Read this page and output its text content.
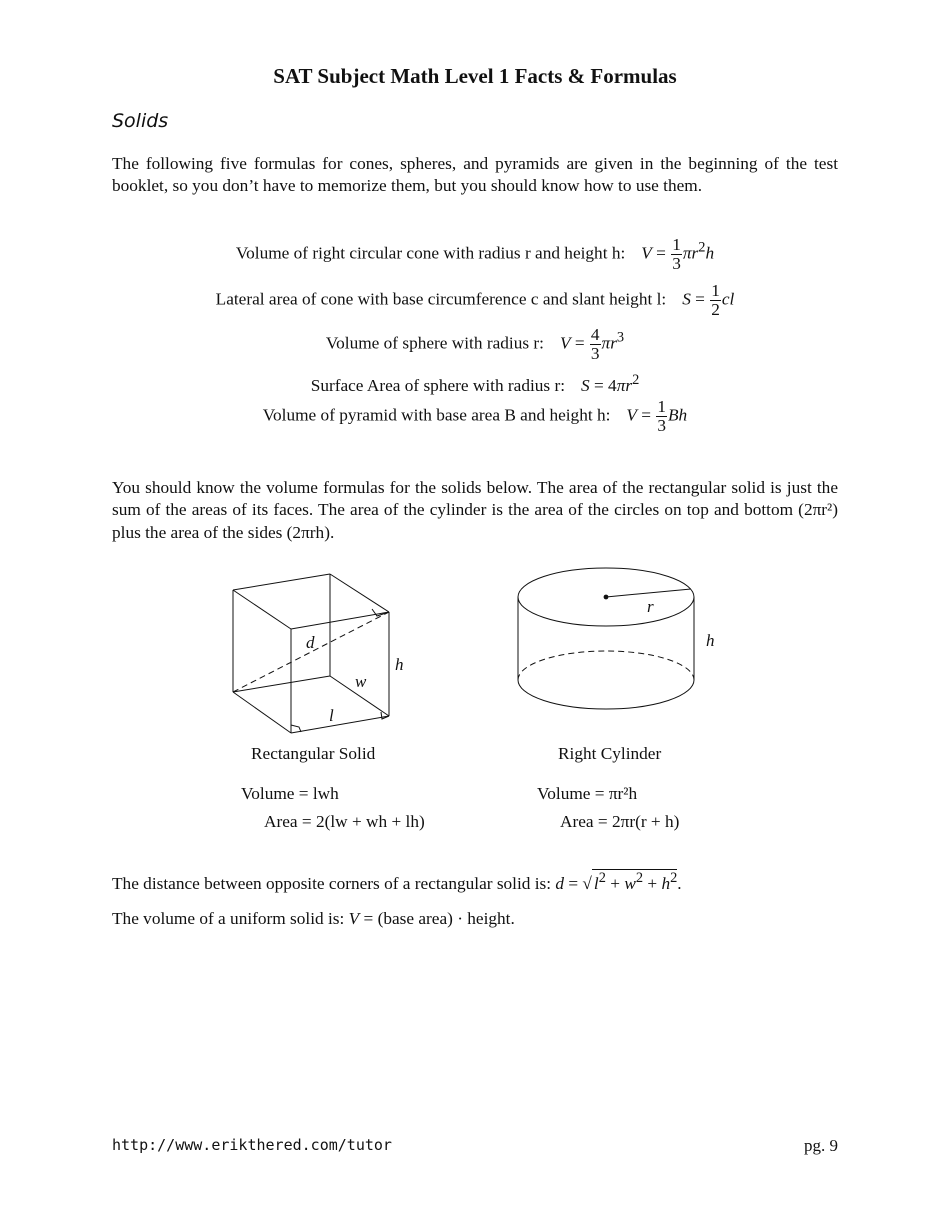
SAT Subject Math Level 1 Facts & Formulas
Solids
The following five formulas for cones, spheres, and pyramids are given in the beginning of the test booklet, so you don’t have to memorize them, but you should know how to use them.
Volume of right circular cone with radius r and height h: $V = \frac{1}{3} \pi r^2h$
Lateral area of cone with base circumference c and slant height l: $S = \frac{1}{2}$ cl
Volume of sphere with radius r: $V = \frac{4}{3} \pi r^3$
Surface Area of sphere with radius r: $S = 4\pi r^2$
Volume of pyramid with base area B and height h: $V = \frac{1}{3}$ Bh
You should know the volume formulas for the solids below. The area of the rectangular solid is just the sum of the areas of its faces. The area of the cylinder is the area of the circles on top and bottom (2πr²) plus the area of the sides (2πrh).
d
h
w
l
r
h
Rectangular Solid	Right Cylinder
Volume = lwh
Area = 2(lw + wh + lh)
Volume = πr²h
Area = 2πr(r + h)
The distance between opposite corners of a rectangular solid is: d = √ $l^2 + w^2 + h^2$.
The volume of a uniform solid is: V = (base area) · height.
http://www.erikthered.com/tutor	pg. 9
